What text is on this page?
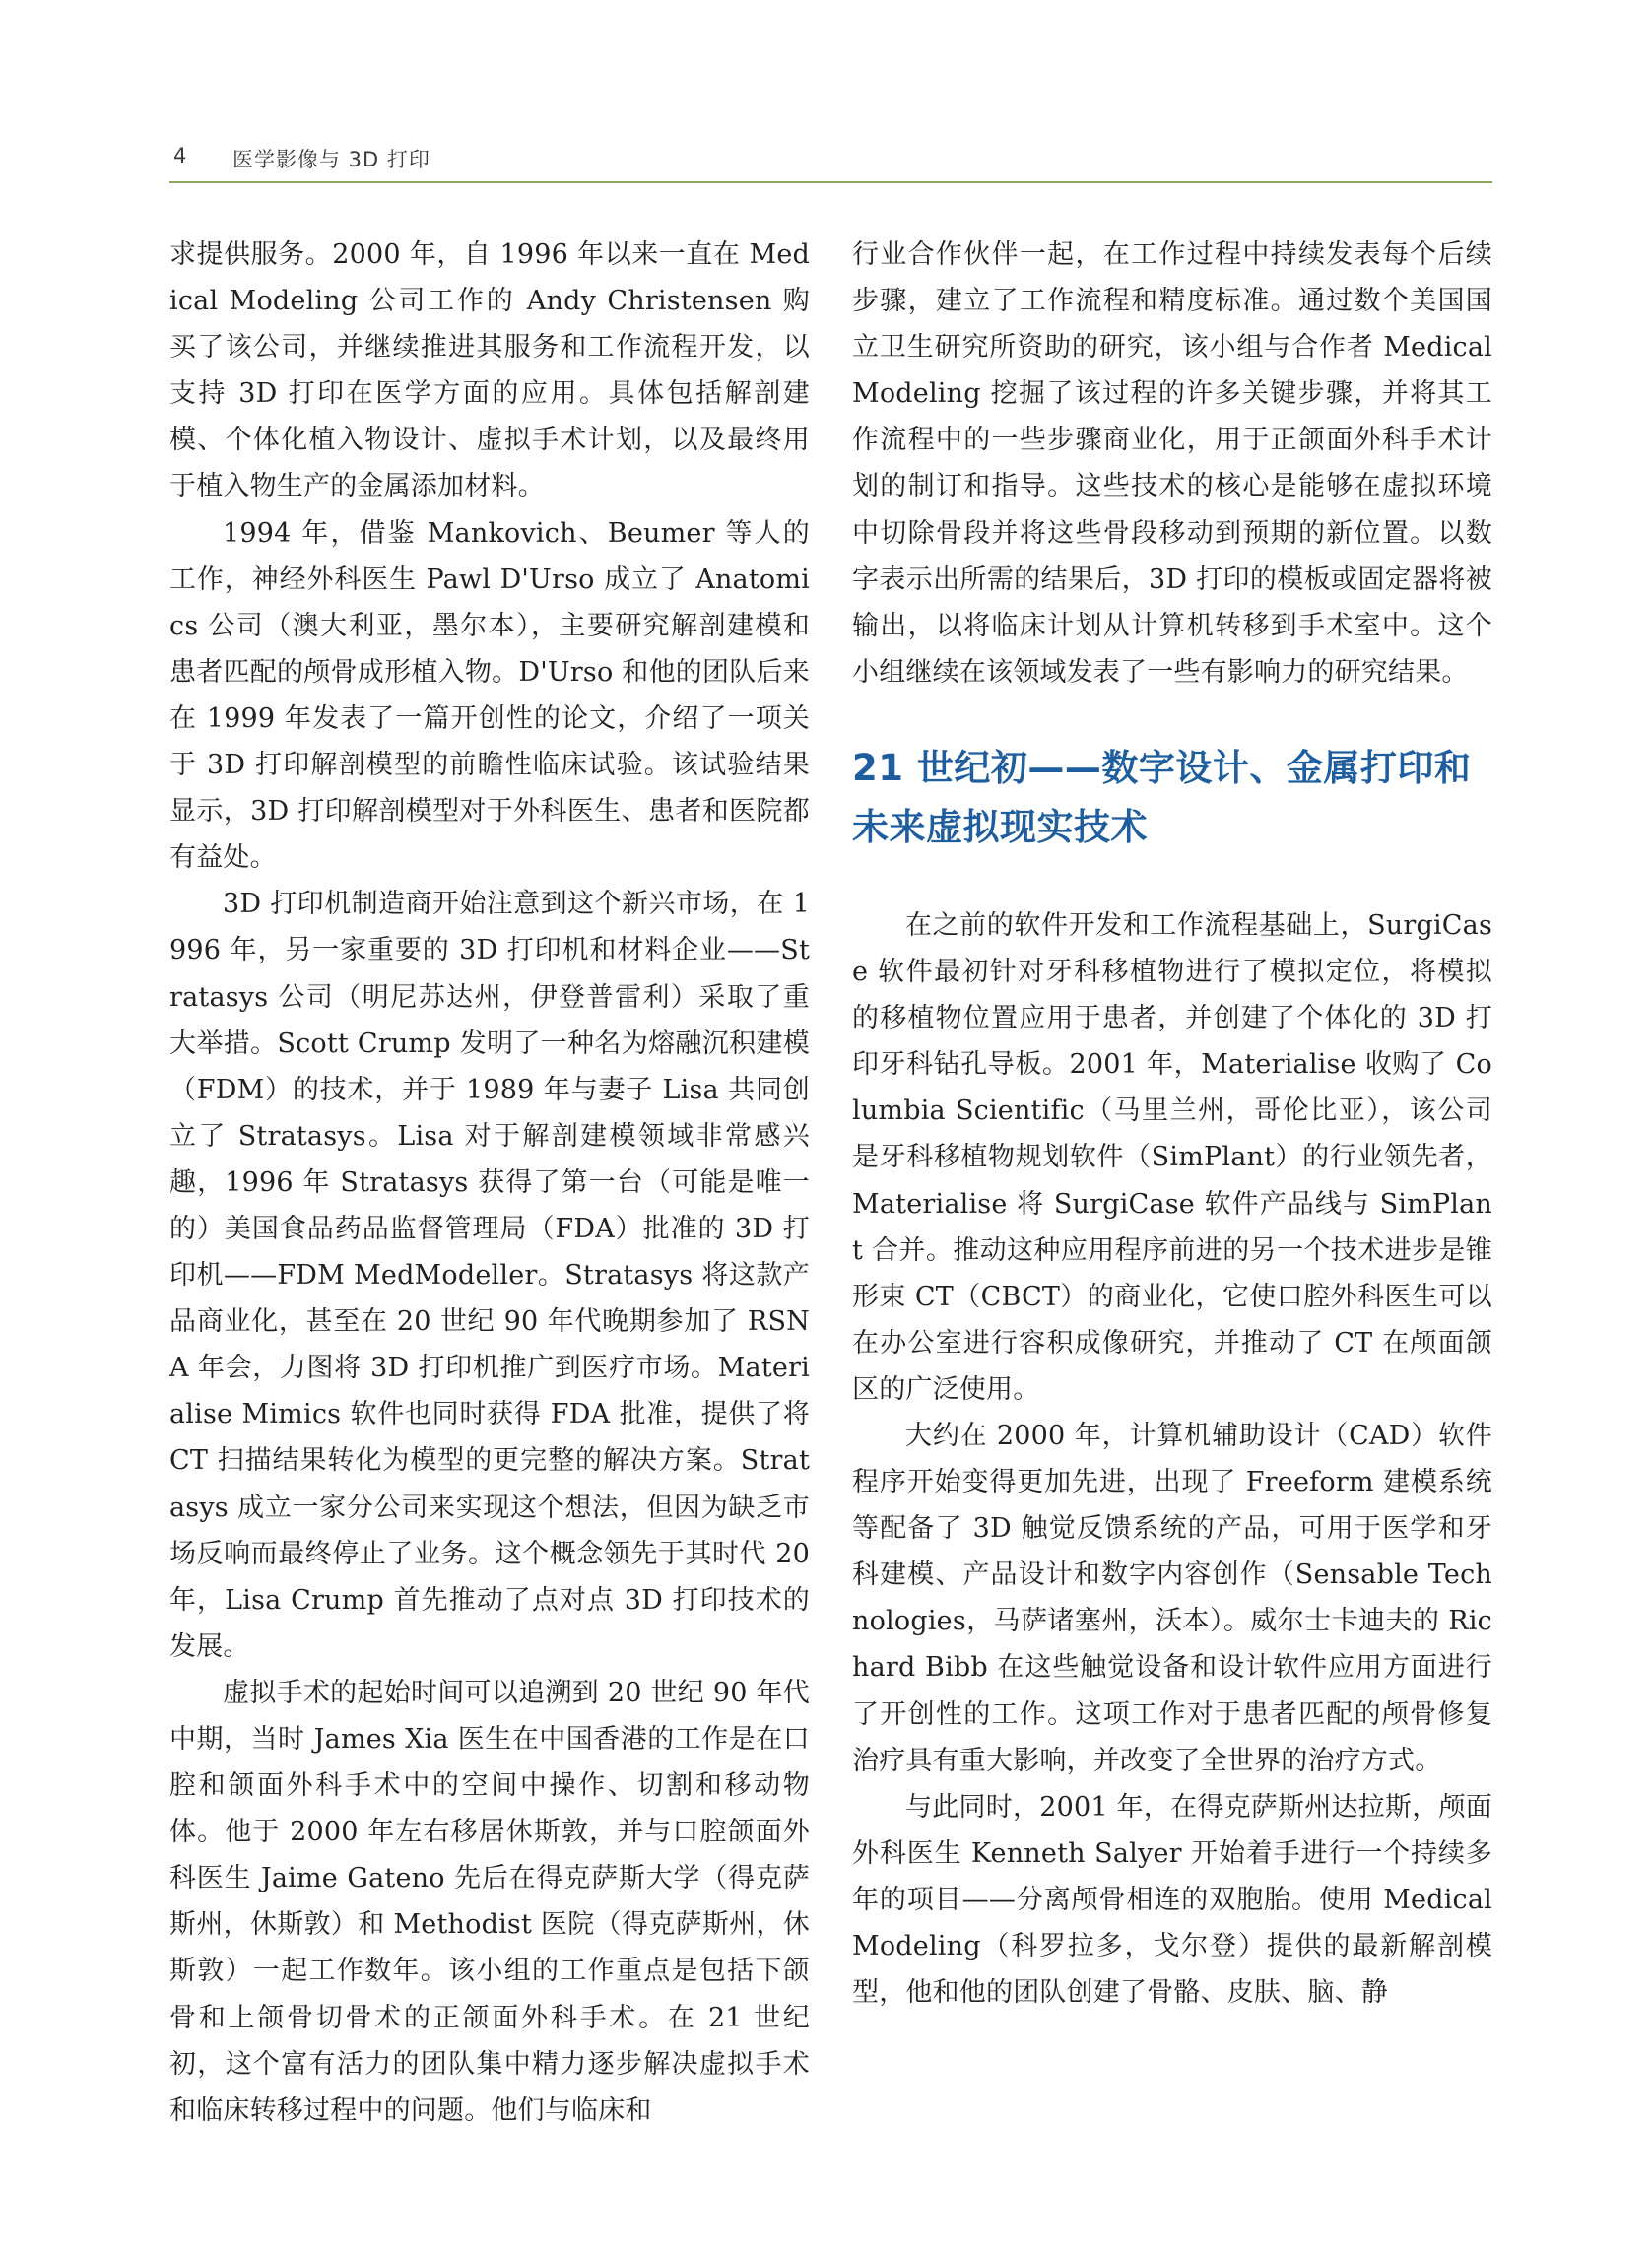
4 医学影像与 3D 打印

求提供服务。2000 年，自 1996 年以来一直在 Medical Modeling 公司工作的 Andy Christensen 购买了该公司，并继续推进其服务和工作流程开发，以支持 3D 打印在医学方面的应用。具体包括解剖建模、个体化植入物设计、虚拟手术计划，以及最终用于植入物生产的金属添加材料。

1994 年，借鉴 Mankovich、Beumer 等人的工作，神经外科医生 Pawl D'Urso 成立了 Anatomics 公司（澳大利亚，墨尔本），主要研究解剖建模和患者匹配的颅骨成形植入物。D'Urso 和他的团队后来在 1999 年发表了一篇开创性的论文，介绍了一项关于 3D 打印解剖模型的前瞻性临床试验。该试验结果显示，3D 打印解剖模型对于外科医生、患者和医院都有益处。

3D 打印机制造商开始注意到这个新兴市场，在 1996 年，另一家重要的 3D 打印机和材料企业——Stratasys 公司（明尼苏达州，伊登普雷利）采取了重大举措。Scott Crump 发明了一种名为熔融沉积建模（FDM）的技术，并于 1989 年与妻子 Lisa 共同创立了 Stratasys。Lisa 对于解剖建模领域非常感兴趣，1996 年 Stratasys 获得了第一台（可能是唯一的）美国食品药品监督管理局（FDA）批准的 3D 打印机——FDM MedModeller。Stratasys 将这款产品商业化，甚至在 20 世纪 90 年代晚期参加了 RSNA 年会，力图将 3D 打印机推广到医疗市场。Materialise Mimics 软件也同时获得 FDA 批准，提供了将 CT 扫描结果转化为模型的更完整的解决方案。Stratasys 成立一家分公司来实现这个想法，但因为缺乏市场反响而最终停止了业务。这个概念领先于其时代 20年，Lisa Crump 首先推动了点对点 3D 打印技术的发展。

虚拟手术的起始时间可以追溯到 20 世纪 90 年代中期，当时 James Xia 医生在中国香港的工作是在口腔和颌面外科手术中的空间中操作、切割和移动物体。他于 2000 年左右移居休斯敦，并与口腔颌面外科医生 Jaime Gateno 先后在得克萨斯大学（得克萨斯州，休斯敦）和 Methodist 医院（得克萨斯州，休斯敦）一起工作数年。该小组的工作重点是包括下颌骨和上颌骨切骨术的正颌面外科手术。在 21 世纪初，这个富有活力的团队集中精力逐步解决虚拟手术和临床转移过程中的问题。他们与临床和

行业合作伙伴一起，在工作过程中持续发表每个后续步骤，建立了工作流程和精度标准。通过数个美国国立卫生研究所资助的研究，该小组与合作者 Medical Modeling 挖掘了该过程的许多关键步骤，并将其工作流程中的一些步骤商业化，用于正颌面外科手术计划的制订和指导。这些技术的核心是能够在虚拟环境中切除骨段并将这些骨段移动到预期的新位置。以数字表示出所需的结果后，3D 打印的模板或固定器将被输出，以将临床计划从计算机转移到手术室中。这个小组继续在该领域发表了一些有影响力的研究结果。

21 世纪初——数字设计、金属打印和未来虚拟现实技术

在之前的软件开发和工作流程基础上，SurgiCase 软件最初针对牙科移植物进行了模拟定位，将模拟的移植物位置应用于患者，并创建了个体化的 3D 打印牙科钻孔导板。2001 年，Materialise 收购了 Columbia Scientific（马里兰州，哥伦比亚），该公司是牙科移植物规划软件（SimPlant）的行业领先者，Materialise 将 SurgiCase 软件产品线与 SimPlant 合并。推动这种应用程序前进的另一个技术进步是锥形束 CT（CBCT）的商业化，它使口腔外科医生可以在办公室进行容积成像研究，并推动了 CT 在颅面颌区的广泛使用。

大约在 2000 年，计算机辅助设计（CAD）软件程序开始变得更加先进，出现了 Freeform 建模系统等配备了 3D 触觉反馈系统的产品，可用于医学和牙科建模、产品设计和数字内容创作（Sensable Technologies，马萨诸塞州，沃本）。威尔士卡迪夫的 Richard Bibb 在这些触觉设备和设计软件应用方面进行了开创性的工作。这项工作对于患者匹配的颅骨修复治疗具有重大影响，并改变了全世界的治疗方式。

与此同时，2001 年，在得克萨斯州达拉斯，颅面外科医生 Kenneth Salyer 开始着手进行一个持续多年的项目——分离颅骨相连的双胞胎。使用 Medical Modeling（科罗拉多，戈尔登）提供的最新解剖模型，他和他的团队创建了骨骼、皮肤、脑、静
